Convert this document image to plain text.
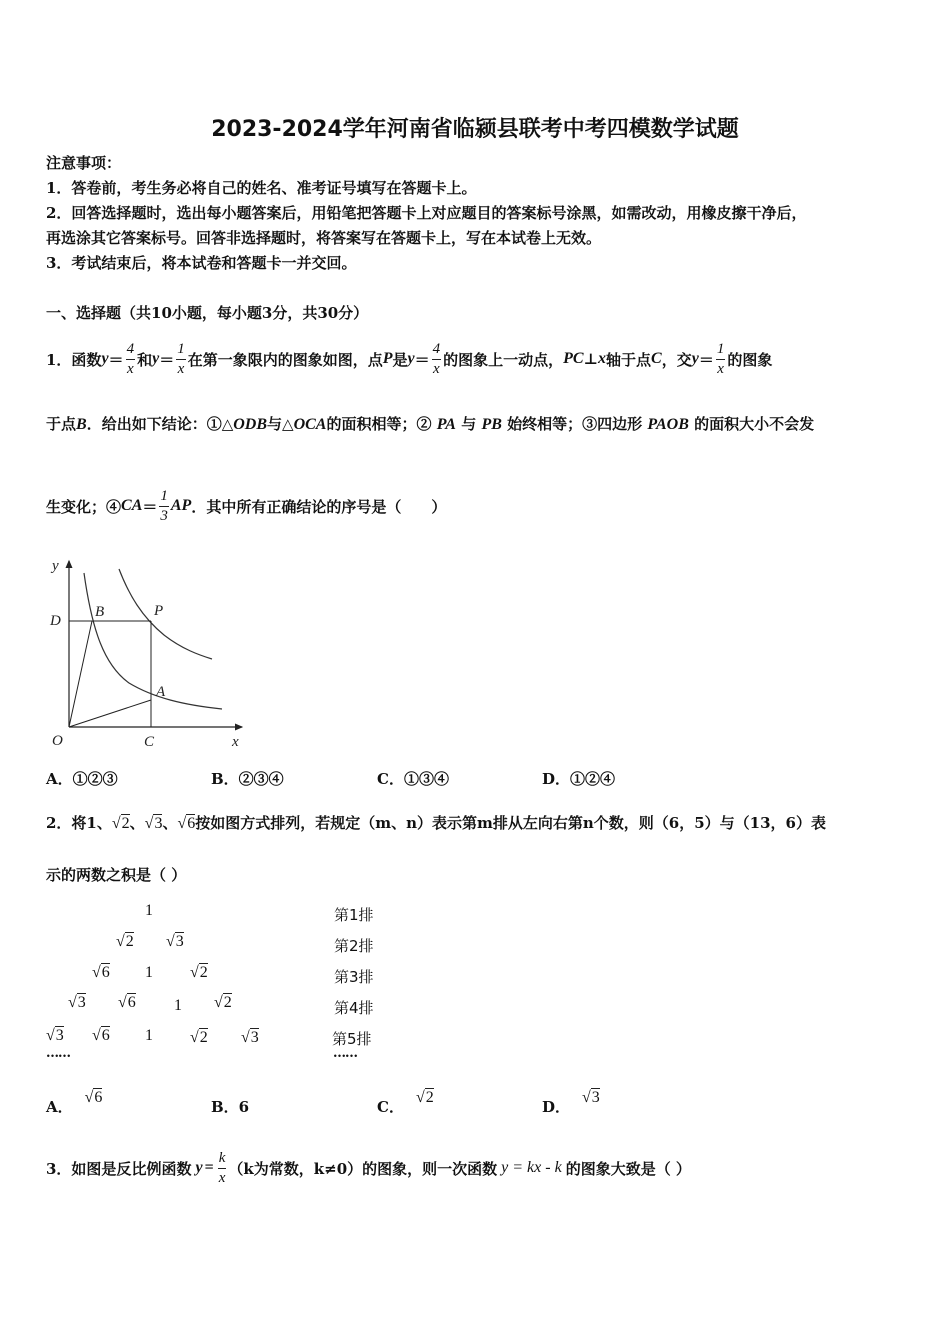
2023-2024学年河南省临颍县联考中考四模数学试题
注意事项：
1．答卷前，考生务必将自己的姓名、准考证号填写在答题卡上。
2．回答选择题时，选出每小题答案后，用铅笔把答题卡上对应题目的答案标号涂黑，如需改动，用橡皮擦干净后，
再选涂其它答案标号。回答非选择题时，将答案写在答题卡上，写在本试卷上无效。
3．考试结束后，将本试卷和答题卡一并交回。
一、选择题（共10小题，每小题3分，共30分）
1．函数 $y = \frac{4}{x}$ 和 $y = \frac{1}{x}$ 在第一象限内的图象如图，点 P 是 $y = \frac{4}{x}$ 的图象上一动点， PC ⊥ x 轴于点 C ，交 $y = \frac{1}{x}$ 的图象
于点B．给出如下结论：①△ODB与△OCA的面积相等；② PA 与 PB 始终相等；③四边形 PAOB 的面积大小不会发
生变化；④ CA ＝ $\frac{1}{3}$ AP ．其中所有正确结论的序号是（　　）
y
x
O
D
B	P
A
C
A．①②③	B．②③④	C．①③④	D．①②④
2．将1、√2、√3、√6按如图方式排列，若规定（m、n）表示第m排从左向右第n个数，则（6，5）与（13，6）表
示的两数之积是（ ）
1
√2 √3
√6 1 √2
√3 √6 1 √2
√3 √6 1 √2 √3
……
第1排
第2排
第3排
第4排
第5排
……
A．√6
B．6	C．√2
D．√3
3．如图是反比例函数 $y = \frac{k}{x} (k$为常数，k≠0）的图象，则一次函数 y = kx - k 的图象大致是（ ）
